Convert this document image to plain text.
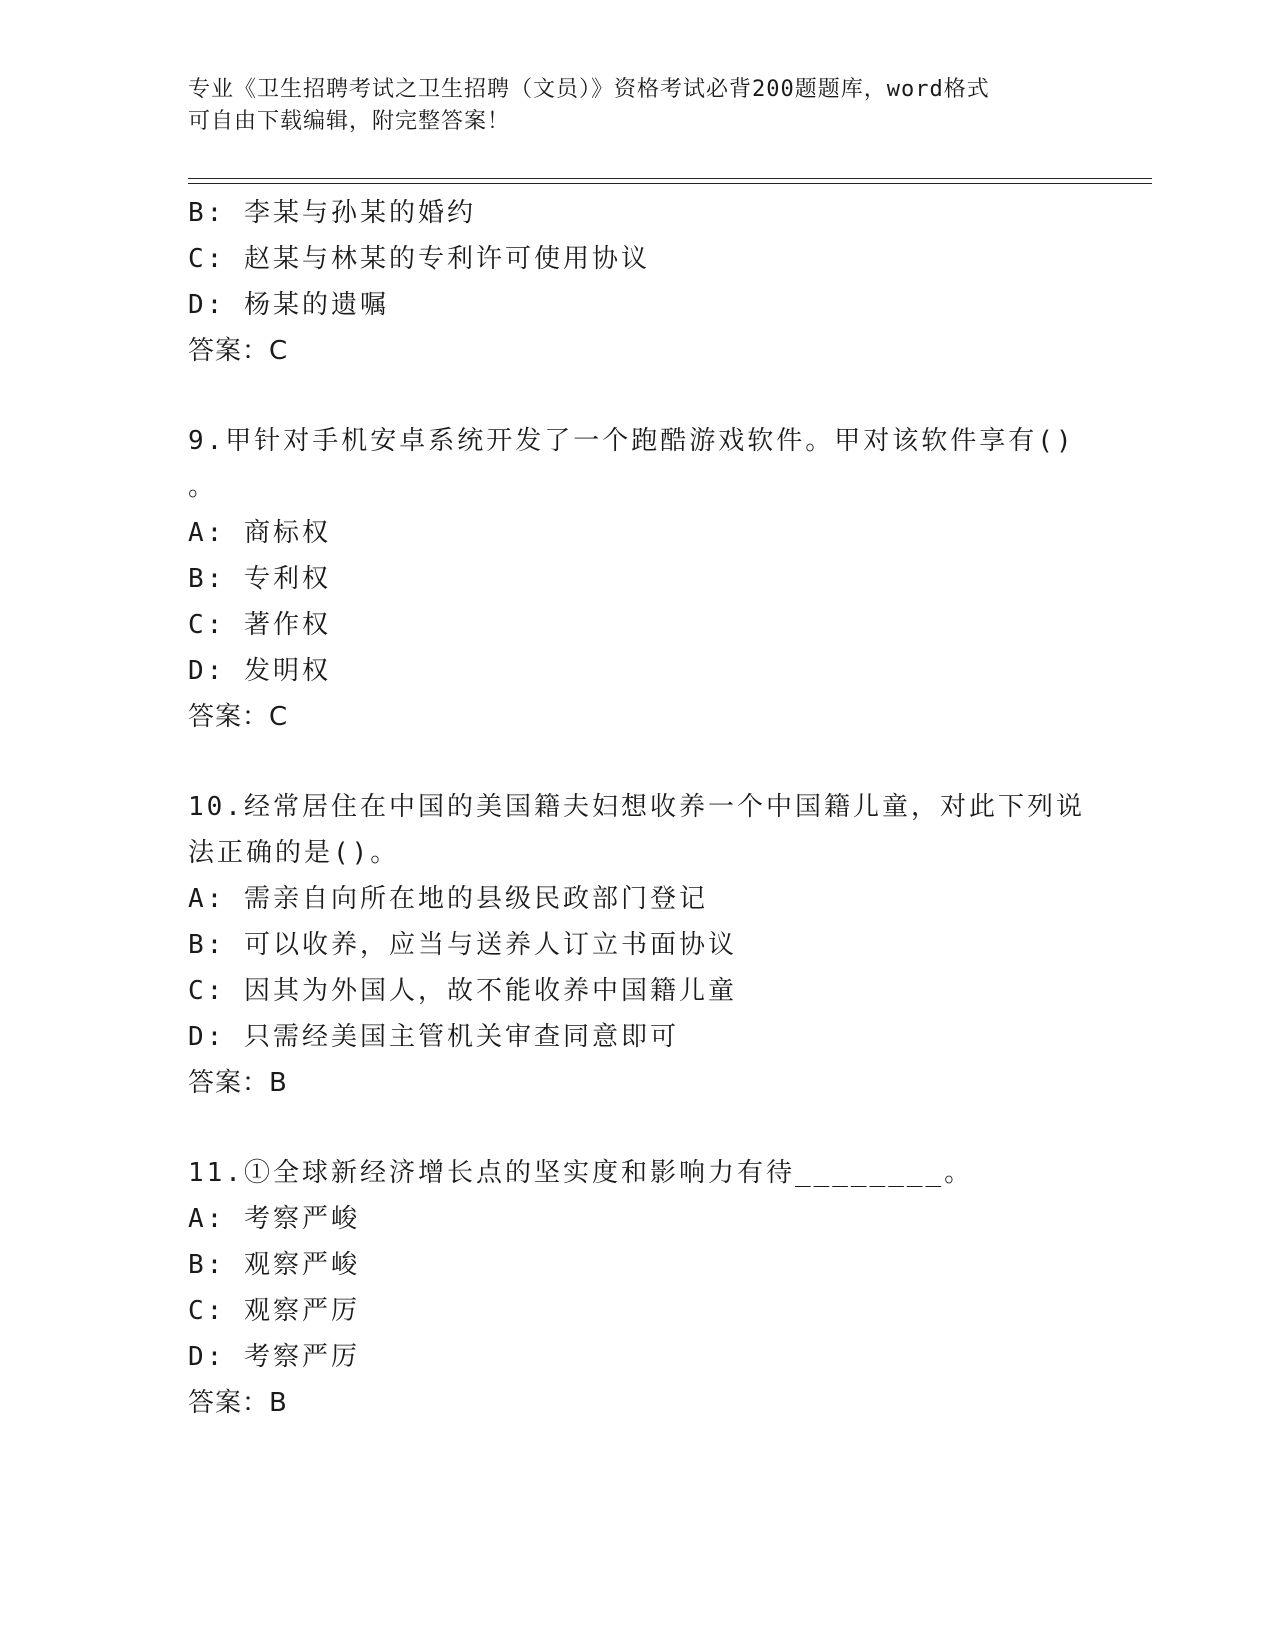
专业《卫生招聘考试之卫生招聘（文员）》资格考试必背200题题库，word格式
可自由下载编辑，附完整答案！
B: 李某与孙某的婚约
C: 赵某与林某的专利许可使用协议
D: 杨某的遗嘱
答案：C
9.甲针对手机安卓系统开发了一个跑酷游戏软件。甲对该软件享有()
。
A: 商标权
B: 专利权
C: 著作权
D: 发明权
答案：C
10.经常居住在中国的美国籍夫妇想收养一个中国籍儿童，对此下列说
法正确的是()。
A: 需亲自向所在地的县级民政部门登记
B: 可以收养，应当与送养人订立书面协议
C: 因其为外国人，故不能收养中国籍儿童
D: 只需经美国主管机关审查同意即可
答案：B
11.①全球新经济增长点的坚实度和影响力有待________。
A: 考察严峻
B: 观察严峻
C: 观察严厉
D: 考察严厉
答案：B
